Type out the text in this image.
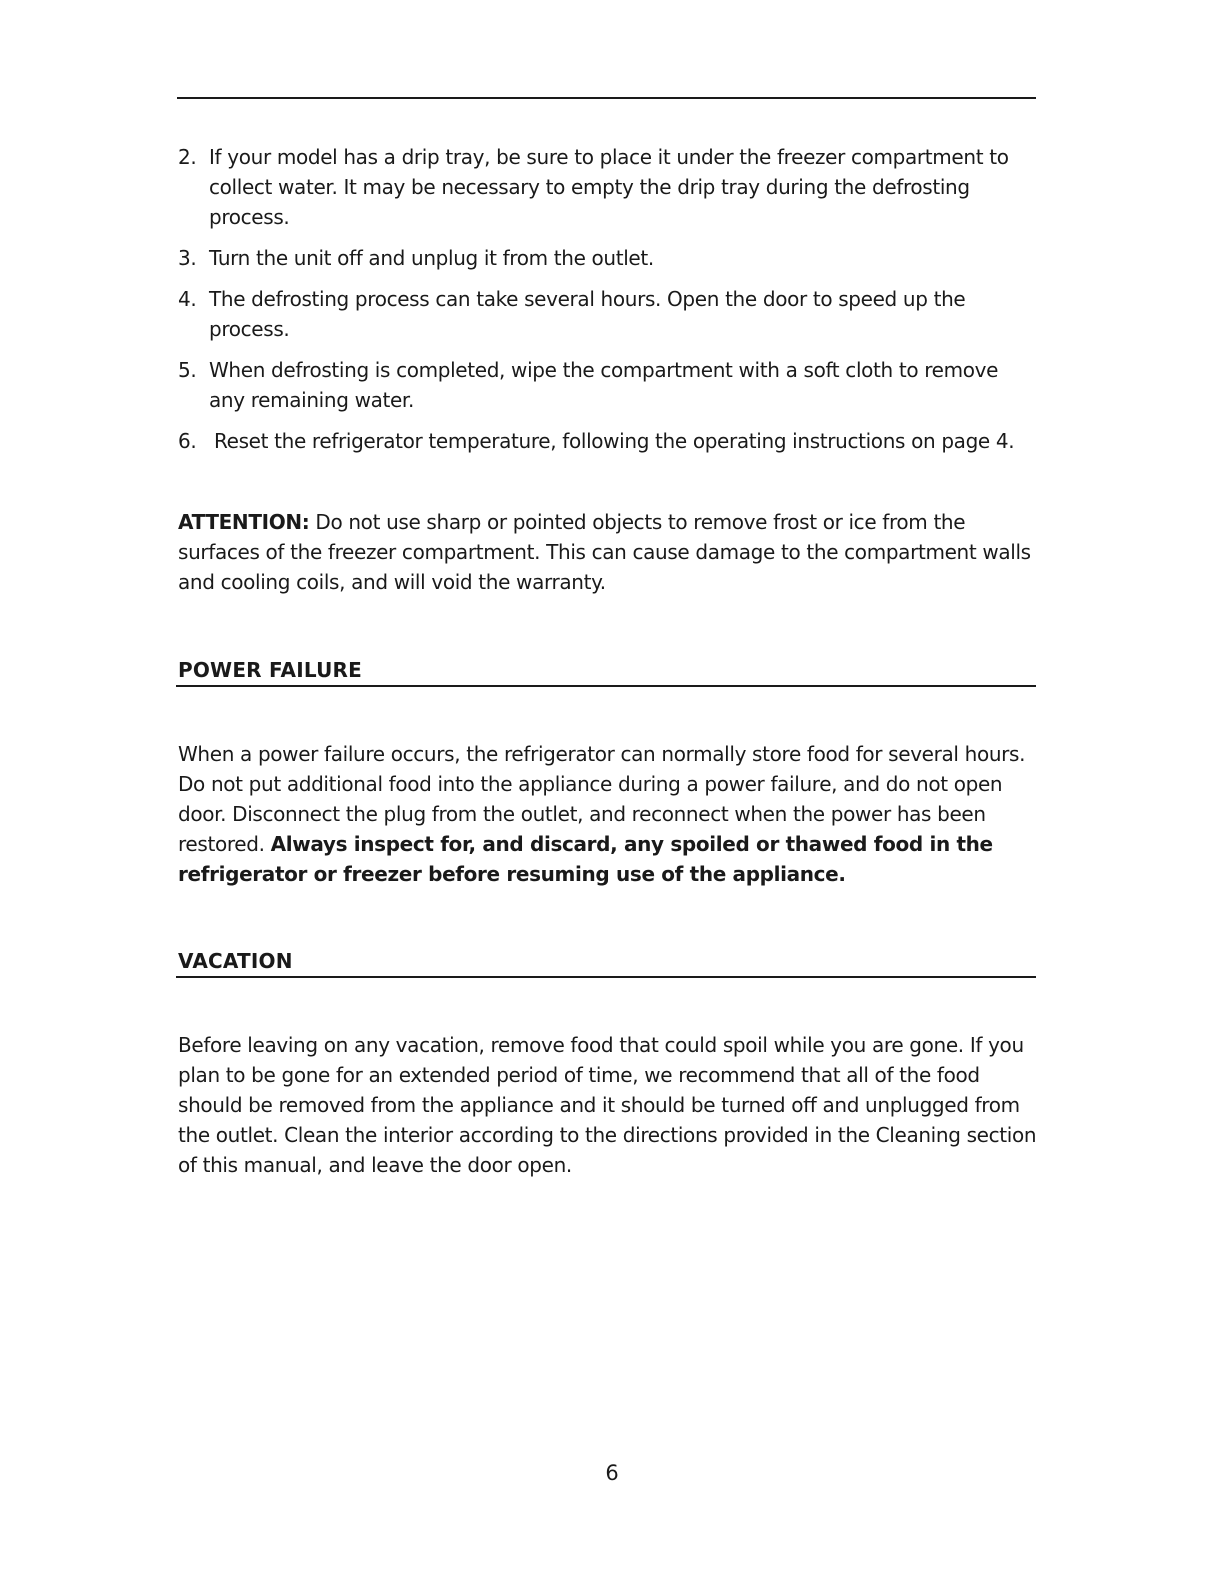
2. If your model has a drip tray, be sure to place it under the freezer compartment to collect water. It may be necessary to empty the drip tray during the defrosting process.
3. Turn the unit off and unplug it from the outlet.
4. The defrosting process can take several hours. Open the door to speed up the process.
5. When defrosting is completed, wipe the compartment with a soft cloth to remove any remaining water.
6. Reset the refrigerator temperature, following the operating instructions on page 4.

ATTENTION: Do not use sharp or pointed objects to remove frost or ice from the surfaces of the freezer compartment. This can cause damage to the compartment walls and cooling coils, and will void the warranty.

POWER FAILURE

When a power failure occurs, the refrigerator can normally store food for several hours. Do not put additional food into the appliance during a power failure, and do not open door. Disconnect the plug from the outlet, and reconnect when the power has been restored. Always inspect for, and discard, any spoiled or thawed food in the refrigerator or freezer before resuming use of the appliance.

VACATION

Before leaving on any vacation, remove food that could spoil while you are gone. If you plan to be gone for an extended period of time, we recommend that all of the food should be removed from the appliance and it should be turned off and unplugged from the outlet. Clean the interior according to the directions provided in the Cleaning section of this manual, and leave the door open.

6
